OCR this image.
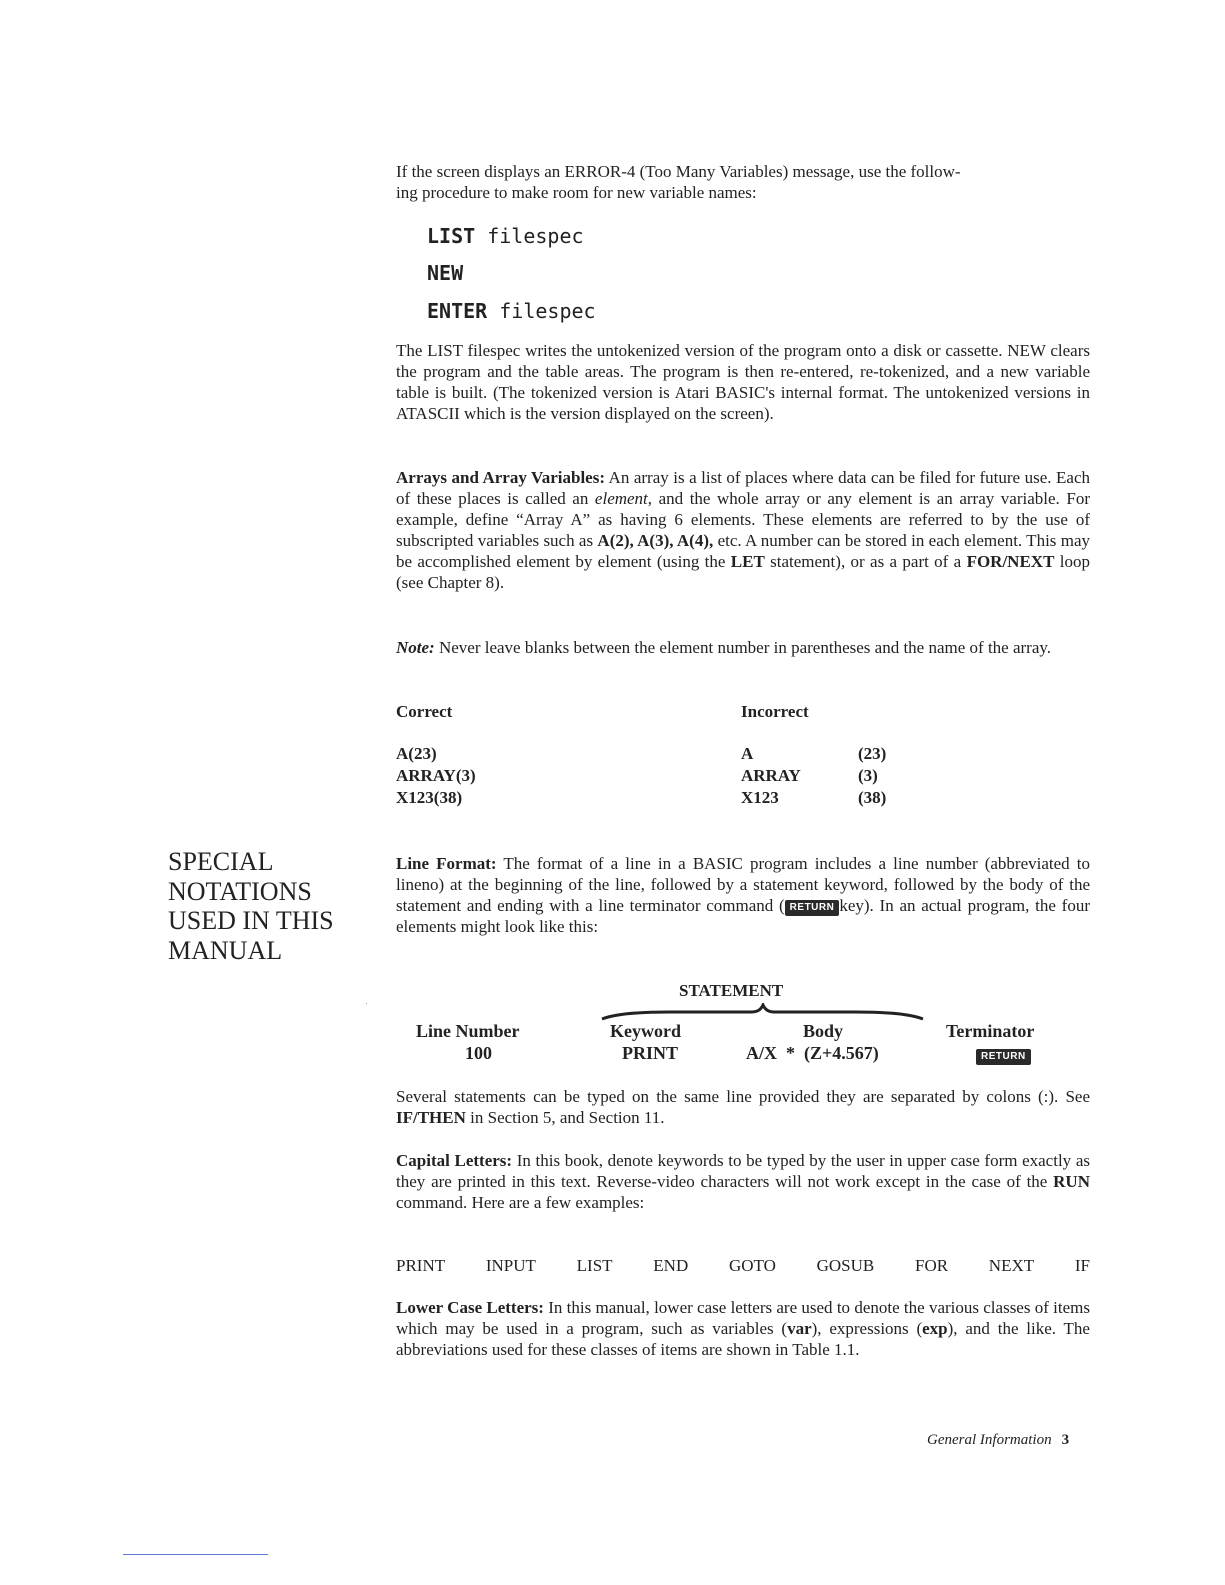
If the screen displays an ERROR-4 (Too Many Variables) message, use the follow-
ing procedure to make room for new variable names:
LIST filespec
NEW
ENTER filespec

The LIST filespec writes the untokenized version of the program onto a disk or cassette. NEW clears the program and the table areas. The program is then re-entered, re-tokenized, and a new variable table is built. (The tokenized version is Atari BASIC's internal format. The untokenized versions in ATASCII which is the version displayed on the screen).

Arrays and Array Variables: An array is a list of places where data can be filed for future use. Each of these places is called an element, and the whole array or any element is an array variable. For example, define “Array A” as having 6 elements. These elements are referred to by the use of subscripted variables such as A(2), A(3), A(4), etc. A number can be stored in each element. This may be accomplished element by element (using the LET statement), or as a part of a FOR/NEXT loop (see Chapter 8).

Note: Never leave blanks between the element number in parentheses and the name of the array.

Correct	Incorrect
A(23)
ARRAY(3)
X123(38)
A
ARRAY
X123
(23)
(3)
(38)
SPECIAL
NOTATIONS
USED IN THIS
MANUAL

Line Format: The format of a line in a BASIC program includes a line number (abbreviated to lineno) at the beginning of the line, followed by a statement keyword, followed by the body of the statement and ending with a line terminator command ( RETURN key). In an actual program, the four elements might look like this:

STATEMENT
Line Number
100
Keyword
PRINT
Body
A/X  *  (Z+4.567)
Terminator
RETURN

Several statements can be typed on the same line provided they are separated by colons (:). See IF/THEN in Section 5, and Section 11.

Capital Letters: In this book, denote keywords to be typed by the user in upper case form exactly as they are printed in this text. Reverse-video characters will not work except in the case of the RUN command. Here are a few examples:

PRINT INPUT LIST END GOTO GOSUB FOR NEXT IF

Lower Case Letters: In this manual, lower case letters are used to denote the various classes of items which may be used in a program, such as variables (var), expressions (exp), and the like. The abbreviations used for these classes of items are shown in Table 1.1.

General Information 3
